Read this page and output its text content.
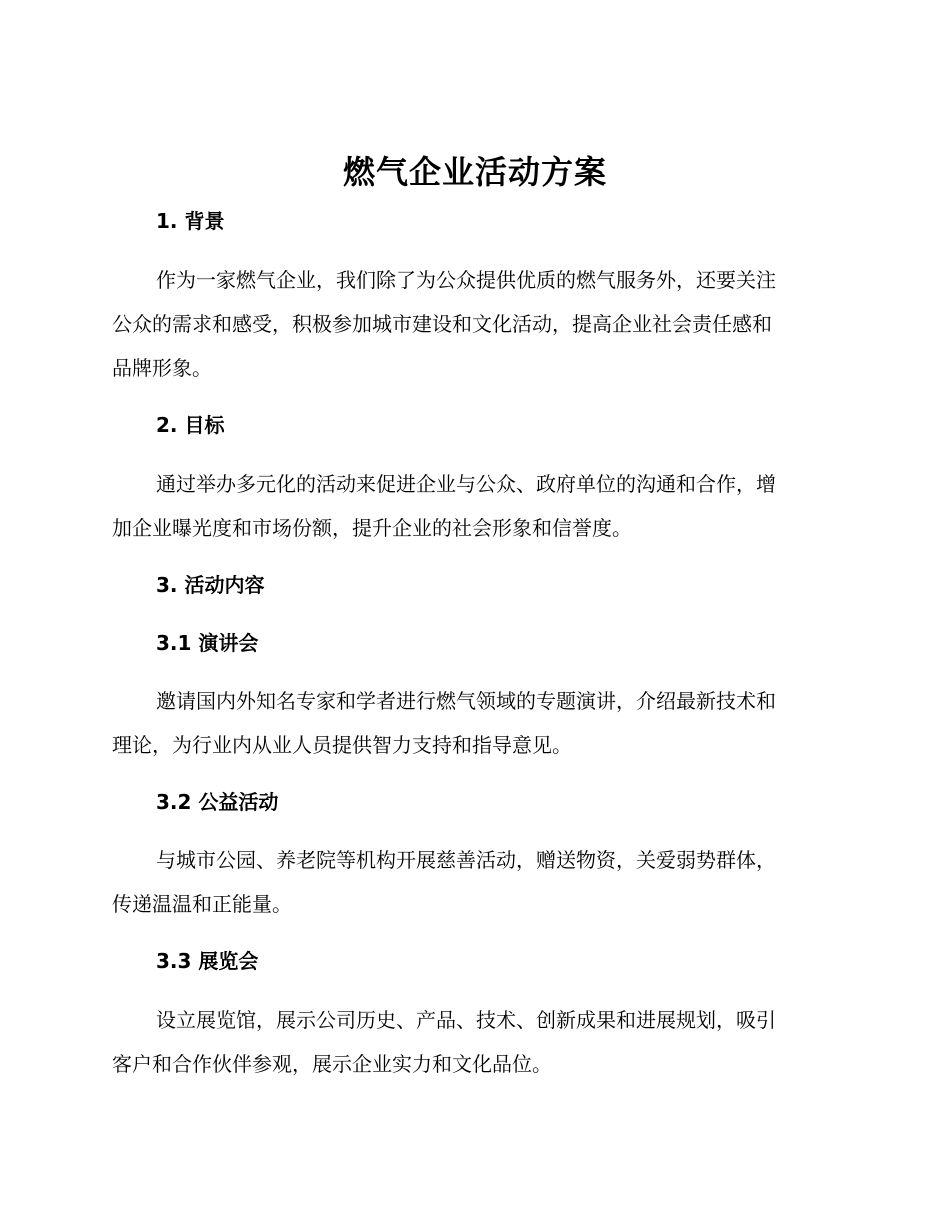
燃气企业活动方案
1. 背景
作为一家燃气企业，我们除了为公众提供优质的燃气服务外，还要关注
公众的需求和感受，积极参加城市建设和文化活动，提高企业社会责任感和
品牌形象。
2. 目标
通过举办多元化的活动来促进企业与公众、政府单位的沟通和合作，增
加企业曝光度和市场份额，提升企业的社会形象和信誉度。
3. 活动内容
3.1 演讲会
邀请国内外知名专家和学者进行燃气领域的专题演讲，介绍最新技术和
理论，为行业内从业人员提供智力支持和指导意见。
3.2 公益活动
与城市公园、养老院等机构开展慈善活动，赠送物资，关爱弱势群体，
传递温温和正能量。
3.3 展览会
设立展览馆，展示公司历史、产品、技术、创新成果和进展规划，吸引
客户和合作伙伴参观，展示企业实力和文化品位。
